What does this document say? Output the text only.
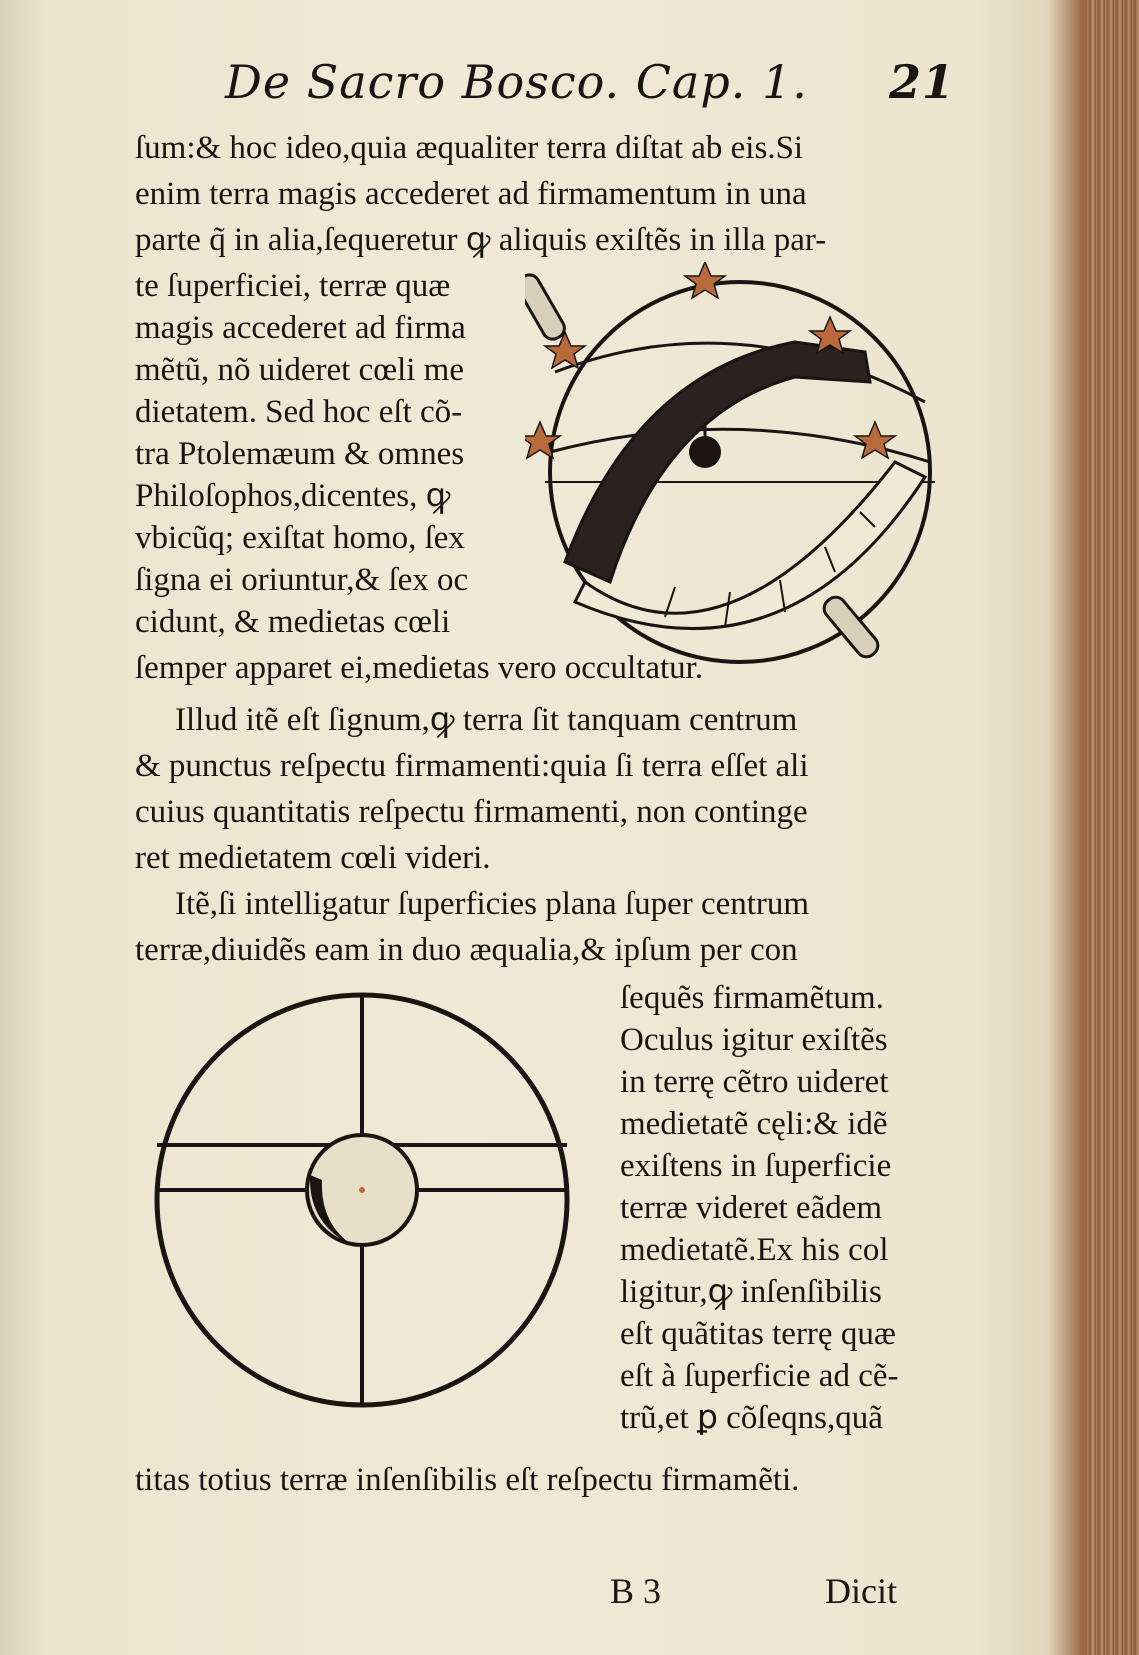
De Sacro Bosco. Cap. 1. 21
ſum:& hoc ideo,quia æqualiter terra diſtat ab eis.Si
enim terra magis accederet ad firmamentum in una
parte q̃ in alia,ſequeretur ꝙ aliquis exiſtẽs in illa par-
te ſuperficiei, terræ quæ
magis accederet ad firma
mẽtũ, nõ uideret cœli me
dietatem. Sed hoc eſt cõ-
tra Ptolemæum & omnes
Philoſophos,dicentes, ꝙ
vbicũq; exiſtat homo, ſex
ſigna ei oriuntur,& ſex oc
cidunt, & medietas cœli
ſemper apparet ei,medietas vero occultatur.
Illud itẽ eſt ſignum,ꝙ terra ſit tanquam centrum
& punctus reſpectu firmamenti:quia ſi terra eſſet ali
cuius quantitatis reſpectu firmamenti, non continge
ret medietatem cœli videri.
Itẽ,ſi intelligatur ſuperficies plana ſuper centrum
terræ,diuidẽs eam in duo æqualia,& ipſum per con
ſequẽs firmamẽtum.
Oculus igitur exiſtẽs
in terrę cẽtro uideret
medietatẽ cęli:& idẽ
exiſtens in ſuperficie
terræ videret eãdem
medietatẽ.Ex his col
ligitur,ꝙ inſenſibilis
eſt quãtitas terrę quæ
eſt à ſuperficie ad cẽ-
trũ,et ꝑ cõſeqns,quã
titas totius terræ inſenſibilis eſt reſpectu firmamẽti.
B 3	Dicit
